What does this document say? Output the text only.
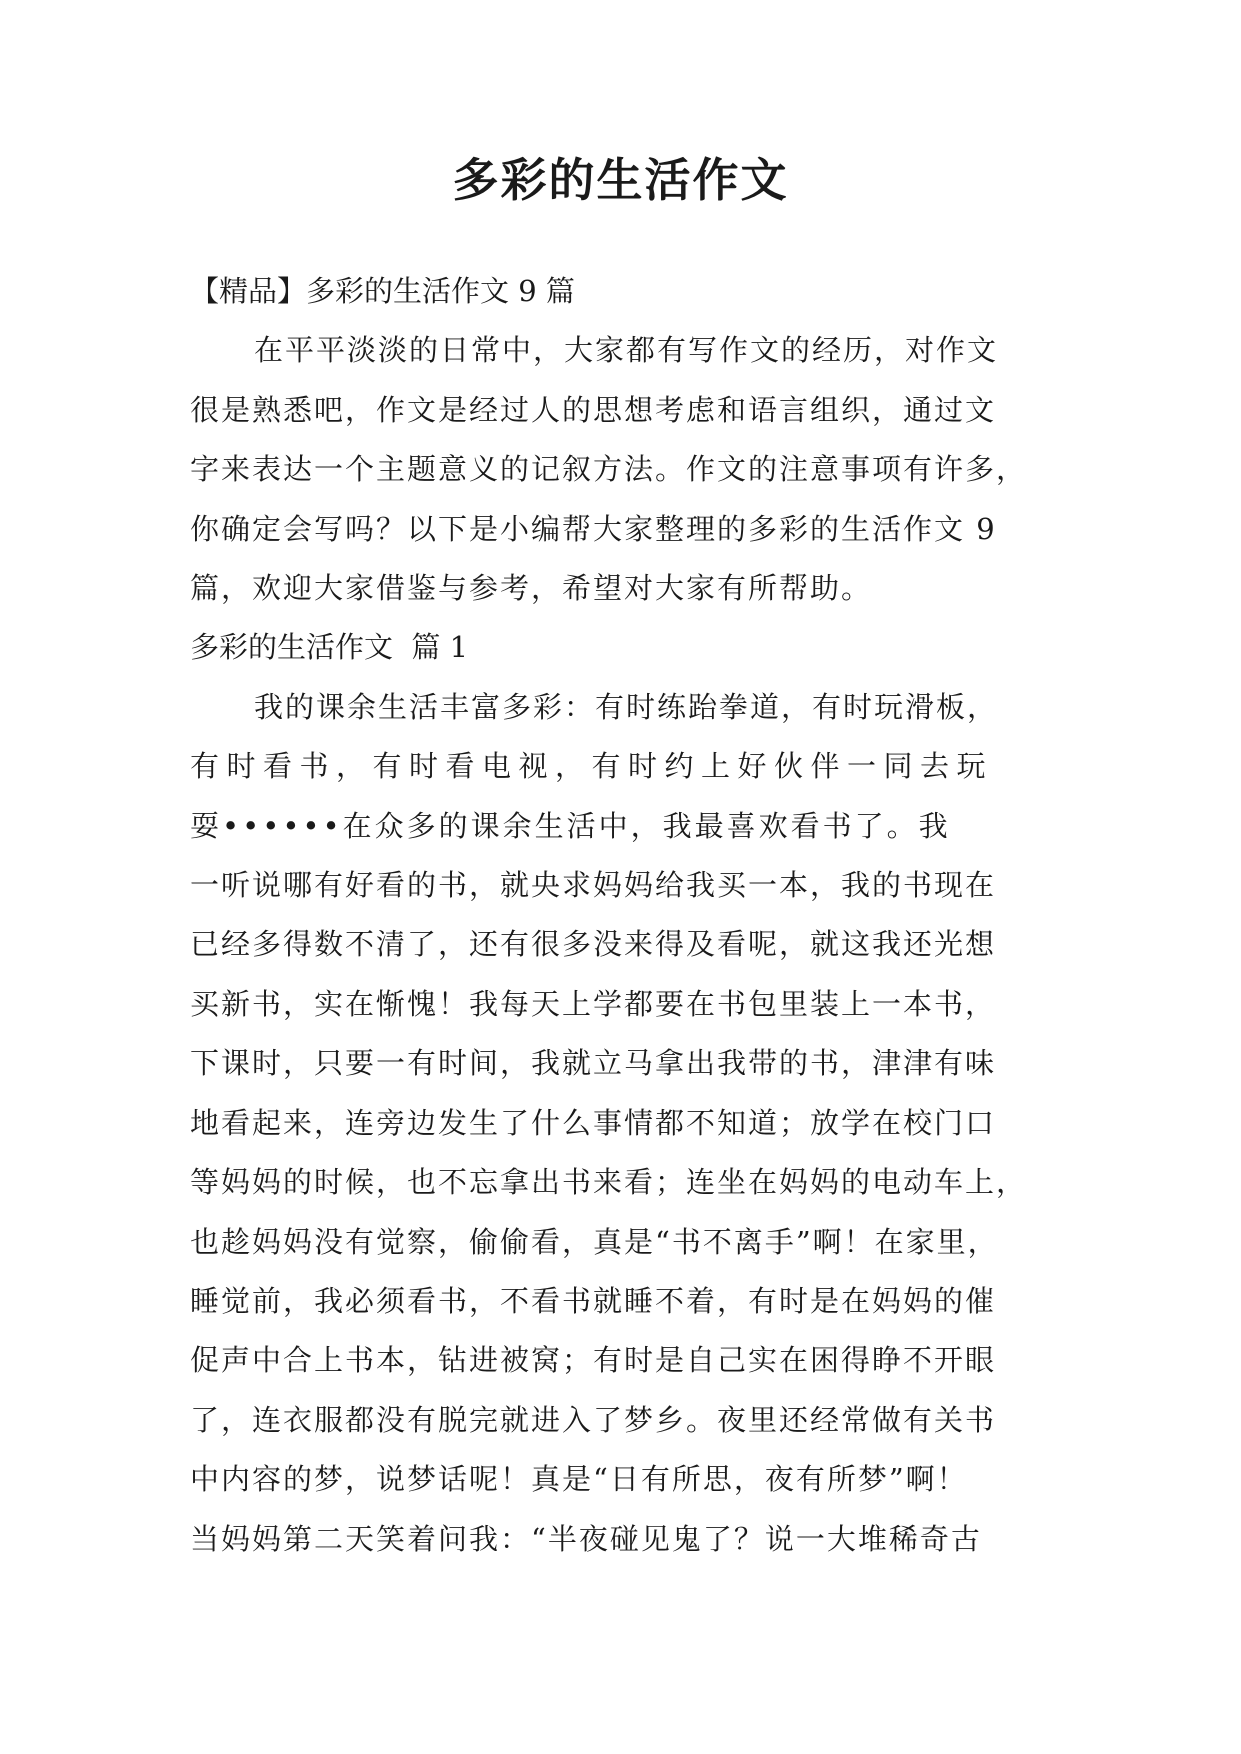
多彩的生活作文

【精品】多彩的生活作文 9 篇

在平平淡淡的日常中，大家都有写作文的经历，对作文

很是熟悉吧，作文是经过人的思想考虑和语言组织，通过文

字来表达一个主题意义的记叙方法。作文的注意事项有许多，

你确定会写吗？以下是小编帮大家整理的多彩的生活作文 9

篇，欢迎大家借鉴与参考，希望对大家有所帮助。

多彩的生活作文  篇 1

我的课余生活丰富多彩：有时练跆拳道，有时玩滑板，

有时看书，有时看电视，有时约上好伙伴一同去玩

耍••••••在众多的课余生活中，我最喜欢看书了。我

一听说哪有好看的书，就央求妈妈给我买一本，我的书现在

已经多得数不清了，还有很多没来得及看呢，就这我还光想

买新书，实在惭愧！我每天上学都要在书包里装上一本书，

下课时，只要一有时间，我就立马拿出我带的书，津津有味

地看起来，连旁边发生了什么事情都不知道；放学在校门口

等妈妈的时候，也不忘拿出书来看；连坐在妈妈的电动车上，

也趁妈妈没有觉察，偷偷看，真是“书不离手”啊！在家里，

睡觉前，我必须看书，不看书就睡不着，有时是在妈妈的催

促声中合上书本，钻进被窝；有时是自己实在困得睁不开眼

了，连衣服都没有脱完就进入了梦乡。夜里还经常做有关书

中内容的梦，说梦话呢！真是“日有所思，夜有所梦”啊！

当妈妈第二天笑着问我：“半夜碰见鬼了？说一大堆稀奇古
